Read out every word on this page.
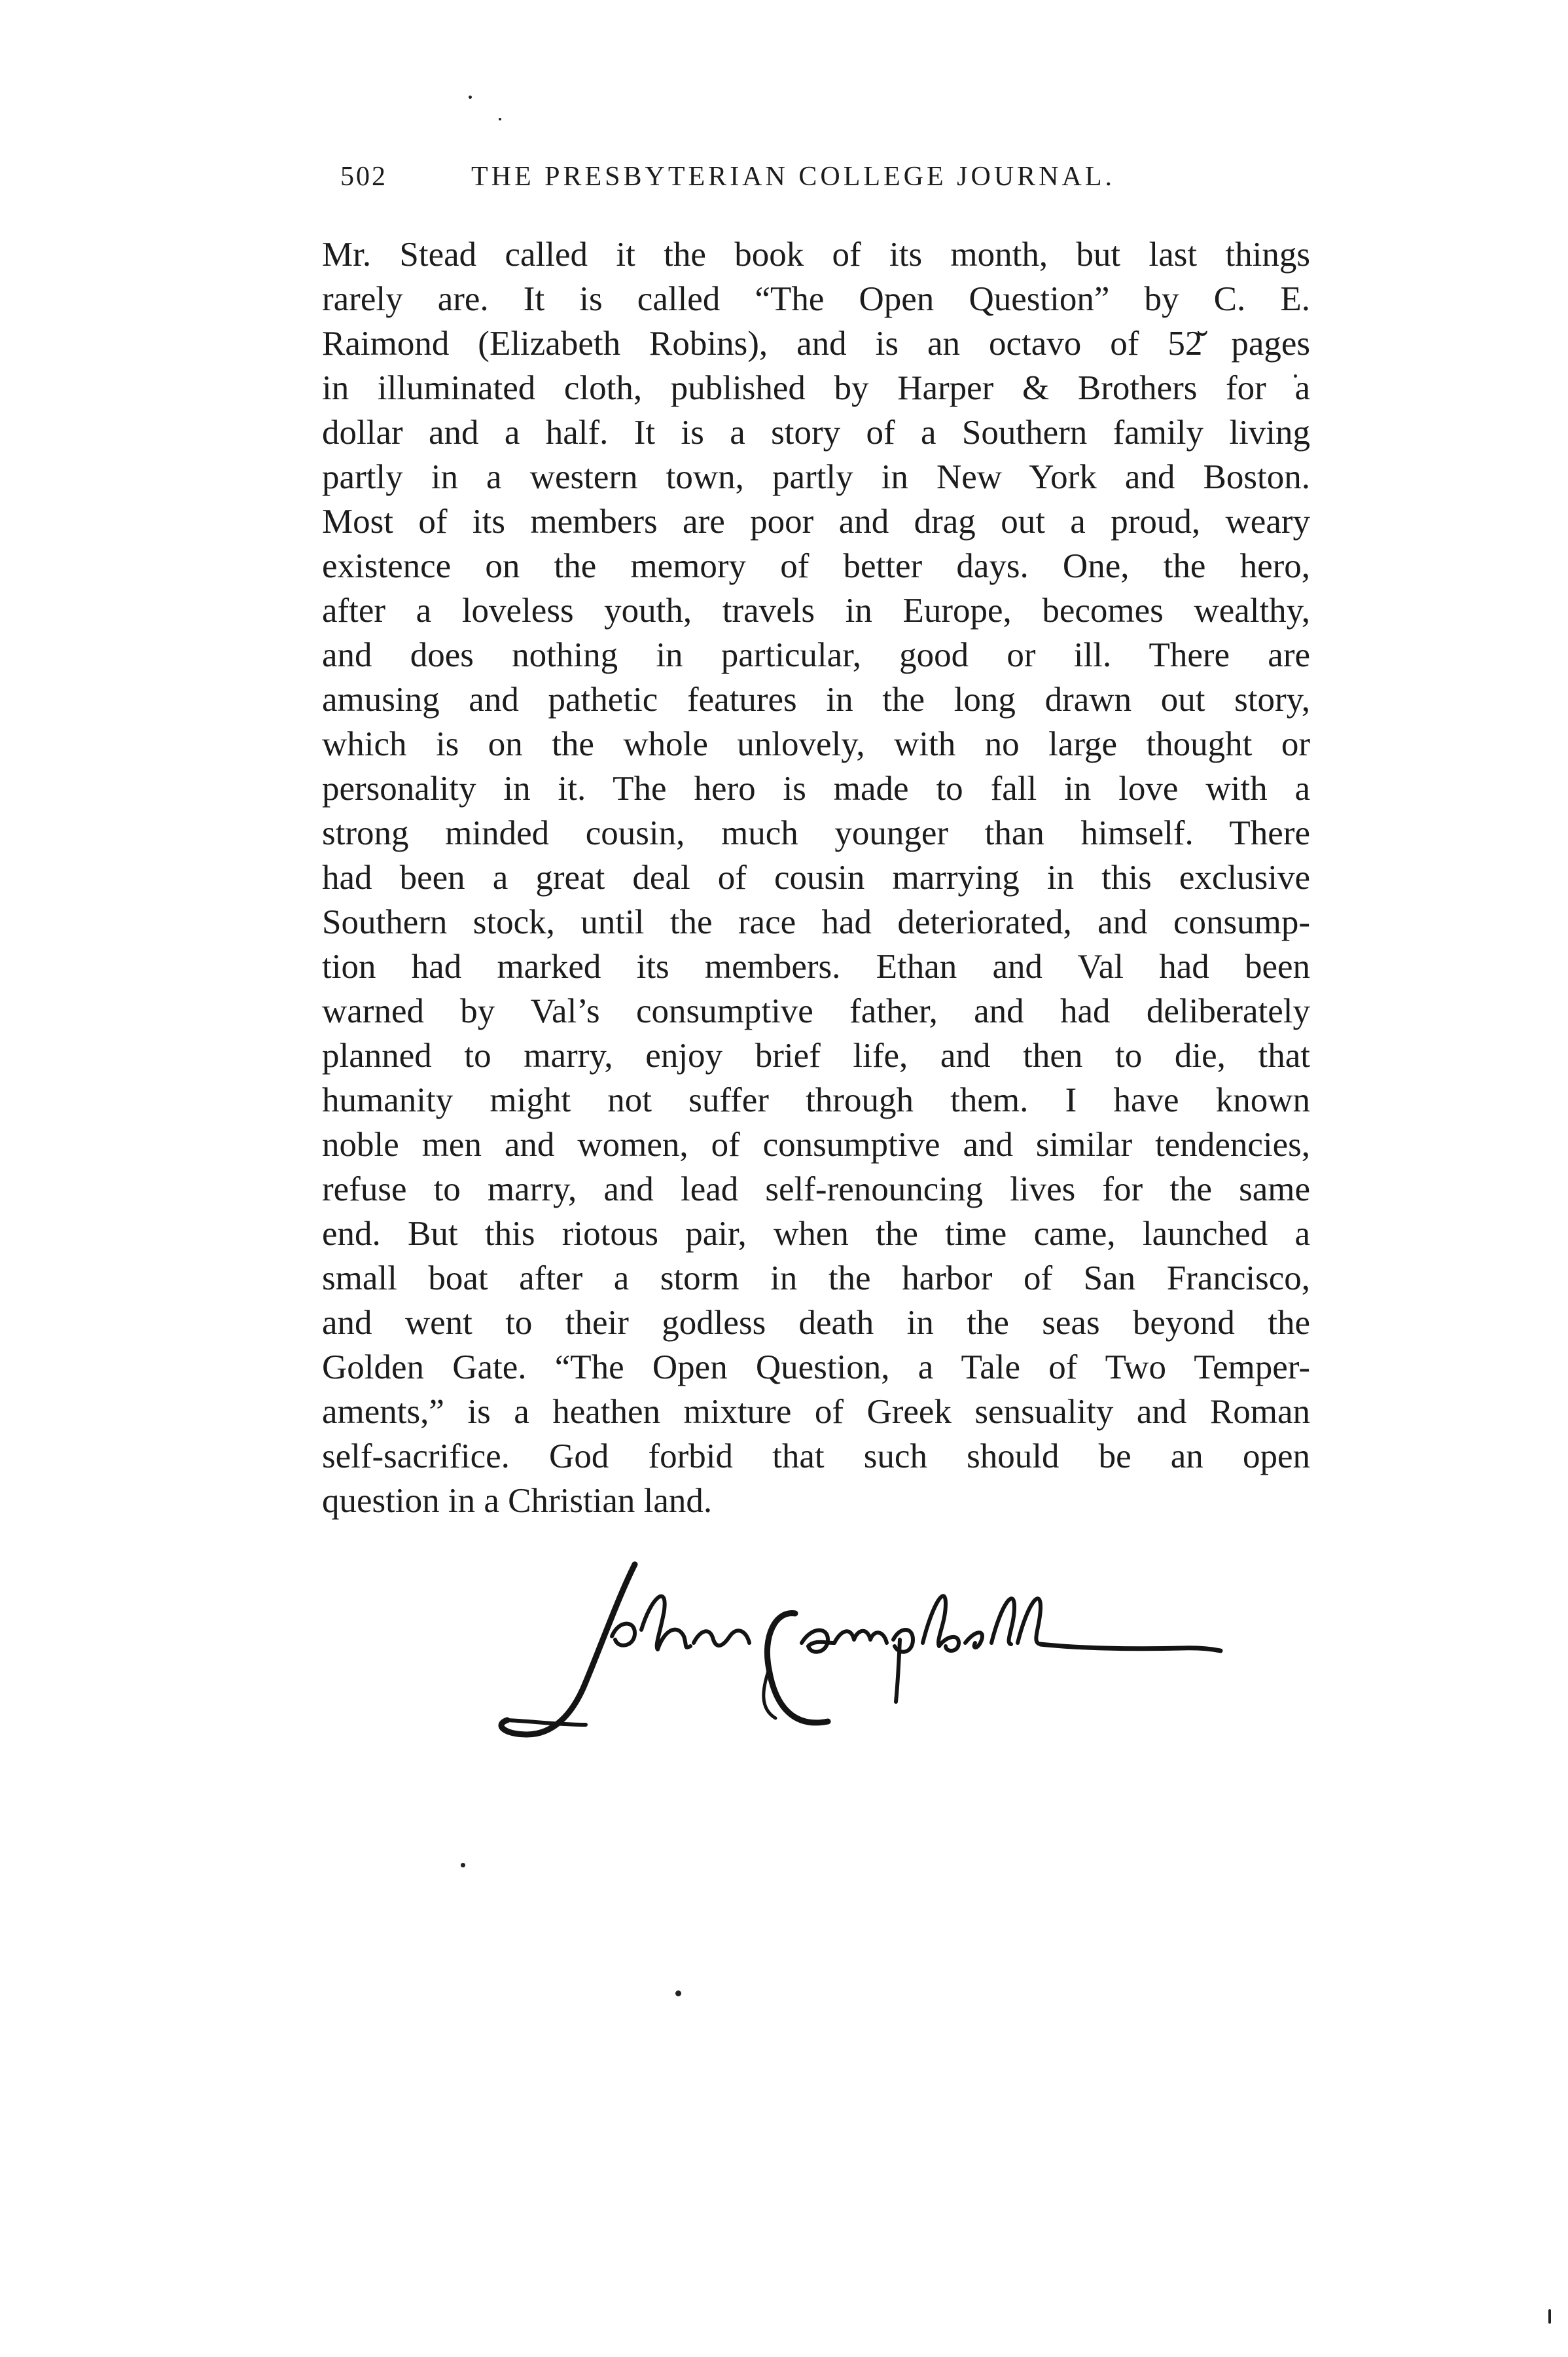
502	THE PRESBYTERIAN COLLEGE JOURNAL.
Mr. Stead called it the book of its month, but last things
rarely are. It is called “The Open Question” by C. E.
Raimond (Elizabeth Robins), and is an octavo of 52̆ pages
in illuminated cloth, published by Harper & Brothers for a
dollar and a half. It is a story of a Southern family living
partly in a western town, partly in New York and Boston.
Most of its members are poor and drag out a proud, weary
existence on the memory of better days. One, the hero,
after a loveless youth, travels in Europe, becomes wealthy,
and does nothing in particular, good or ill. There are
amusing and pathetic features in the long drawn out story,
which is on the whole unlovely, with no large thought or
personality in it. The hero is made to fall in love with a
strong minded cousin, much younger than himself. There
had been a great deal of cousin marrying in this exclusive
Southern stock, until the race had deteriorated, and consump-
tion had marked its members. Ethan and Val had been
warned by Val’s consumptive father, and had deliberately
planned to marry, enjoy brief life, and then to die, that
humanity might not suffer through them. I have known
noble men and women, of consumptive and similar tendencies,
refuse to marry, and lead self-renouncing lives for the same
end. But this riotous pair, when the time came, launched a
small boat after a storm in the harbor of San Francisco,
and went to their godless death in the seas beyond the
Golden Gate. “The Open Question, a Tale of Two Temper-
aments,” is a heathen mixture of Greek sensuality and Roman
self-sacrifice. God forbid that such should be an open
question in a Christian land.
